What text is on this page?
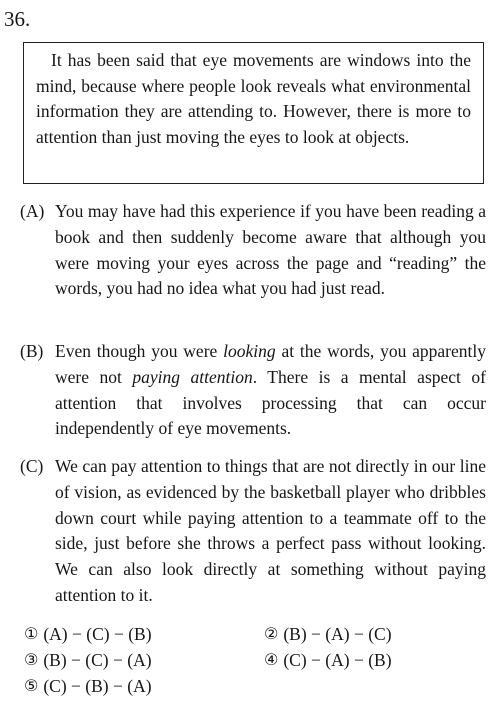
36.

It has been said that eye movements are windows into the mind, because where people look reveals what environmental information they are attending to. However, there is more to attention than just moving the eyes to look at objects.

(A) You may have had this experience if you have been reading a book and then suddenly become aware that although you were moving your eyes across the page and “reading” the words, you had no idea what you had just read.

(B) Even though you were looking at the words, you apparently were not paying attention. There is a mental aspect of attention that involves processing that can occur independently of eye movements.

(C) We can pay attention to things that are not directly in our line of vision, as evidenced by the basketball player who dribbles down court while paying attention to a teammate off to the side, just before she throws a perfect pass without looking. We can also look directly at something without paying attention to it.

① (A) − (C) − (B)	② (B) − (A) − (C)
③ (B) − (C) − (A)	④ (C) − (A) − (B)
⑤ (C) − (B) − (A)
